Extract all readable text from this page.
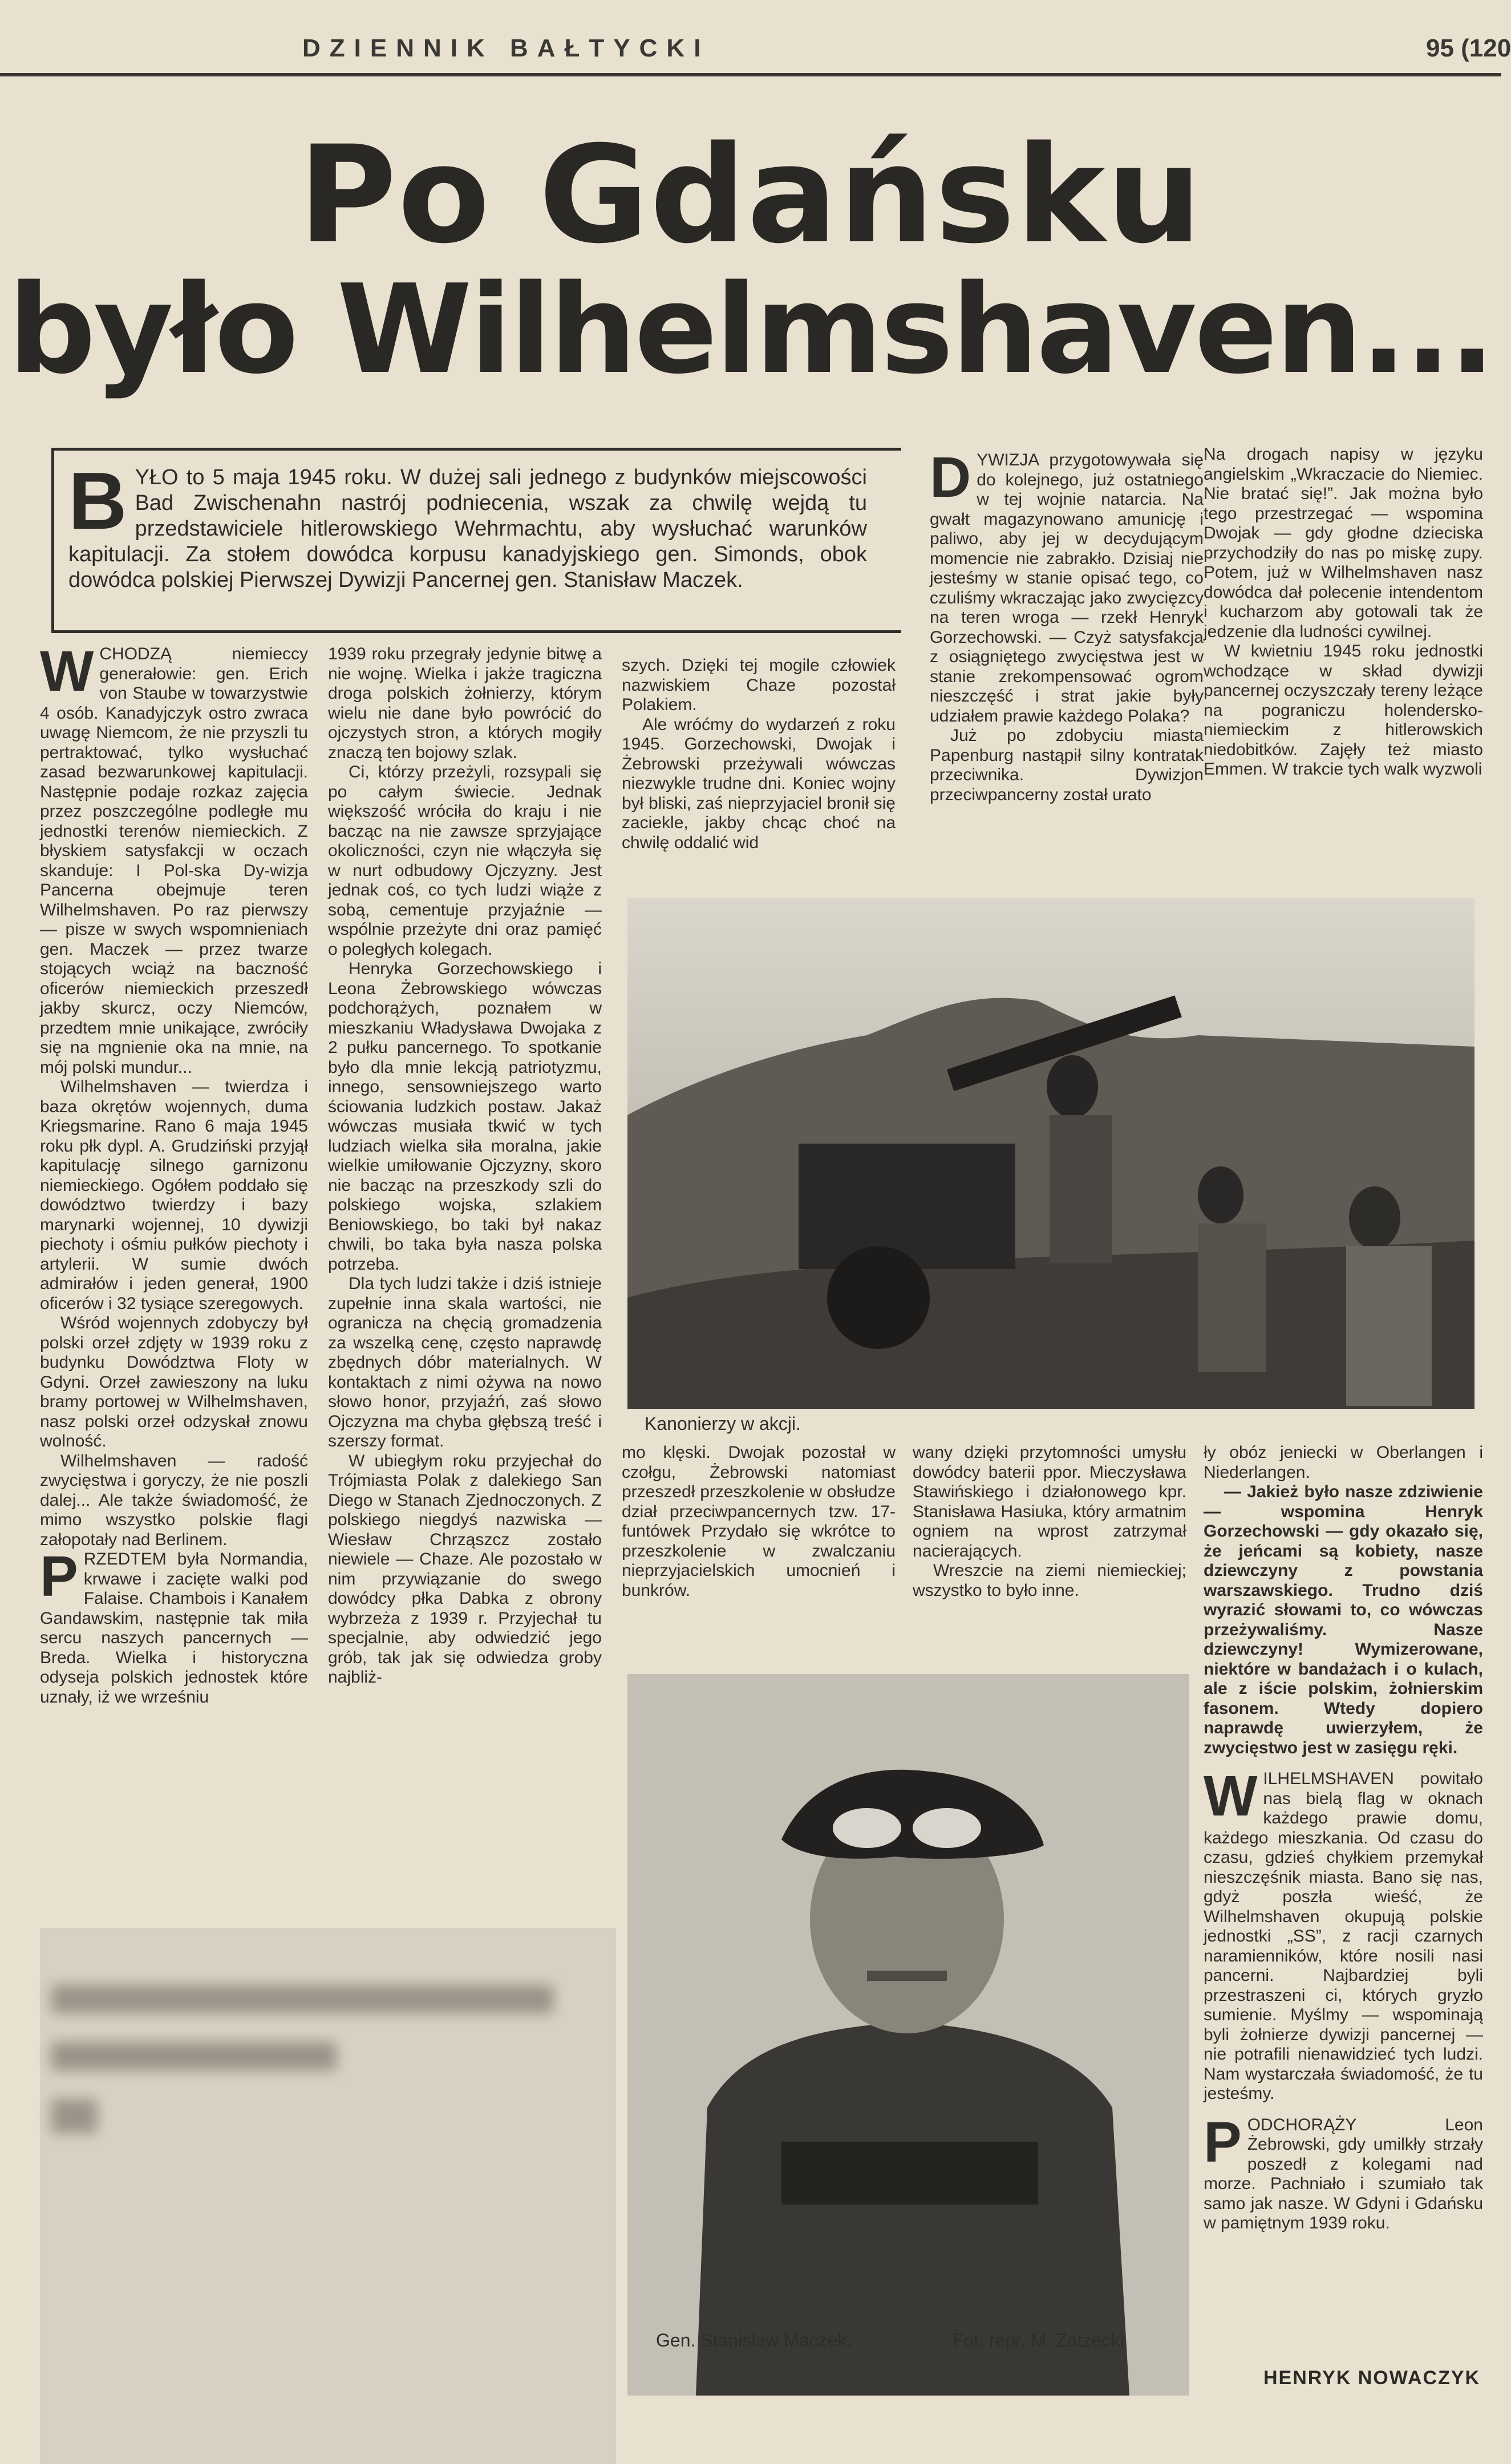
DZIENNIK BAŁTYCKI	95 (120
Po Gdańsku
było Wilhelmshaven...
BYŁO to 5 maja 1945 roku. W dużej sali jednego z budynków miejscowości Bad Zwischenahn nastrój podniecenia, wszak za chwilę wejdą tu przedstawiciele hitlerowskiego Wehrmachtu, aby wysłuchać warunków kapitulacji. Za stołem dowódca korpusu kanadyjskiego gen. Simonds, obok dowódca polskiej Pierwszej Dywizji Pancernej gen. Stanisław Maczek.

WCHODZĄ niemieccy generałowie: gen. Erich von Staube w towarzystwie 4 osób. Kanadyjczyk ostro zwraca uwagę Niemcom, że nie przyszli tu pertraktować, tylko wysłuchać zasad bezwarunkowej kapitulacji. Następnie podaje rozkaz zajęcia przez poszczególne podległe mu jednostki terenów niemieckich. Z błyskiem satysfakcji w oczach skanduje: I Pol-ska Dy-wizja Pancerna obejmuje teren Wilhelmshaven. Po raz pierwszy — pisze w swych wspomnieniach gen. Maczek — przez twarze stojących wciąż na baczność oficerów niemieckich przeszedł jakby skurcz, oczy Niemców, przedtem mnie unikające, zwróciły się na mgnienie oka na mnie, na mój polski mundur...

Wilhelmshaven — twierdza i baza okrętów wojennych, duma Kriegsmarine. Rano 6 maja 1945 roku płk dypl. A. Grudziński przyjął kapitulację silnego garnizonu niemieckiego. Ogółem poddało się dowództwo twierdzy i bazy marynarki wojennej, 10 dywizji piechoty i ośmiu pułków piechoty i artylerii. W sumie dwóch admirałów i jeden generał, 1900 oficerów i 32 tysiące szeregowych.

Wśród wojennych zdobyczy był polski orzeł zdjęty w 1939 roku z budynku Dowództwa Floty w Gdyni. Orzeł zawieszony na luku bramy portowej w Wilhelmshaven, nasz polski orzeł odzyskał znowu wolność.

Wilhelmshaven — radość zwycięstwa i goryczy, że nie poszli dalej... Ale także świadomość, że mimo wszystko polskie flagi załopotały nad Berlinem.

PRZEDTEM była Normandia, krwawe i zacięte walki pod Falaise. Chambois i Kanałem Gandawskim, następnie tak miła sercu naszych pancernych — Breda. Wielka i historyczna odyseja polskich jednostek które uznały, iż we wrześniu

1939 roku przegrały jedynie bitwę a nie wojnę. Wielka i jakże tragiczna droga polskich żołnierzy, którym wielu nie dane było powrócić do ojczystych stron, a których mogiły znaczą ten bojowy szlak.

Ci, którzy przeżyli, rozsypali się po całym świecie. Jednak większość wróciła do kraju i nie bacząc na nie zawsze sprzyjające okoliczności, czyn nie włączyła się w nurt odbudowy Ojczyzny. Jest jednak coś, co tych ludzi wiąże z sobą, cementuje przyjaźnie — wspólnie przeżyte dni oraz pamięć o poległych kolegach.

Henryka Gorzechowskiego i Leona Żebrowskiego wówczas podchorążych, poznałem w mieszkaniu Władysława Dwojaka z 2 pułku pancernego. To spotkanie było dla mnie lekcją patriotyzmu, innego, sensowniejszego warto ściowania ludzkich postaw. Jakaż wówczas musiała tkwić w tych ludziach wielka siła moralna, jakie wielkie umiłowanie Ojczyzny, skoro nie bacząc na przeszkody szli do polskiego wojska, szlakiem Beniowskiego, bo taki był nakaz chwili, bo taka była nasza polska potrzeba.

Dla tych ludzi także i dziś istnieje zupełnie inna skala wartości, nie ogranicza na chęcią gromadzenia za wszelką cenę, często naprawdę zbędnych dóbr materialnych. W kontaktach z nimi ożywa na nowo słowo honor, przyjaźń, zaś słowo Ojczyzna ma chyba głębszą treść i szerszy format.

W ubiegłym roku przyjechał do Trójmiasta Polak z dalekiego San Diego w Stanach Zjednoczonych. Z polskiego niegdyś nazwiska — Wiesław Chrząszcz zostało niewiele — Chaze. Ale pozostało w nim przywiązanie do swego dowódcy płka Dabka z obrony wybrzeża z 1939 r. Przyjechał tu specjalnie, aby odwiedzić jego grób, tak jak się odwiedza groby najbliż-

szych. Dzięki tej mogile człowiek nazwiskiem Chaze pozostał Polakiem.

Ale wróćmy do wydarzeń z roku 1945. Gorzechowski, Dwojak i Żebrowski przeżywali wówczas niezwykle trudne dni. Koniec wojny był bliski, zaś nieprzyjaciel bronił się zaciekle, jakby chcąc choć na chwilę oddalić wid

DYWIZJA przygotowywała się do kolejnego, już ostatniego w tej wojnie natarcia. Na gwałt magazynowano amunicję i paliwo, aby jej w decydującym momencie nie zabrakło. Dzisiaj nie jesteśmy w stanie opisać tego, co czuliśmy wkraczając jako zwycięzcy na teren wroga — rzekł Henryk Gorzechowski. — Czyż satysfakcja z osiągniętego zwycięstwa jest w stanie zrekompensować ogrom nieszczęść i strat jakie były udziałem prawie każdego Polaka?

Już po zdobyciu miasta Papenburg nastąpił silny kontratak przeciwnika. Dywizjon przeciwpancerny został urato

Na drogach napisy w języku angielskim „Wkraczacie do Niemiec. Nie bratać się!”. Jak można było tego przestrzegać — wspomina Dwojak — gdy głodne dzieciska przychodziły do nas po miskę zupy. Potem, już w Wilhelmshaven nasz dowódca dał polecenie intendentom i kucharzom aby gotowali tak że jedzenie dla ludności cywilnej.

W kwietniu 1945 roku jednostki wchodzące w skład dywizji pancernej oczyszczały tereny leżące na pograniczu holendersko-niemieckim z hitlerowskich niedobitków. Zajęły też miasto Emmen. W trakcie tych walk wyzwoli

Kanonierzy w akcji.

mo klęski. Dwojak pozostał w czołgu, Żebrowski natomiast przeszedł przeszkolenie w obsłudze dział przeciwpancernych tzw. 17-funtówek Przydało się wkrótce to przeszkolenie w zwalczaniu nieprzyjacielskich umocnień i bunkrów.

wany dzięki przytomności umysłu dowódcy baterii ppor. Mieczysława Stawińskiego i działonowego kpr. Stanisława Hasiuka, który armatnim ogniem na wprost zatrzymał nacierających.

Wreszcie na ziemi niemieckiej; wszystko to było inne.

ły obóz jeniecki w Oberlangen i Niederlangen.

— Jakież było nasze zdziwienie — wspomina Henryk Gorzechowski — gdy okazało się, że jeńcami są kobiety, nasze dziewczyny z powstania warszawskiego. Trudno dziś wyrazić słowami to, co wówczas przeżywaliśmy. Nasze dziewczyny! Wymizerowane, niektóre w bandażach i o kulach, ale z iście polskim, żołnierskim fasonem. Wtedy dopiero naprawdę uwierzyłem, że zwycięstwo jest w zasięgu ręki.

WILHELMSHAVEN powitało nas bielą flag w oknach każdego prawie domu, każdego mieszkania. Od czasu do czasu, gdzieś chyłkiem przemykał nieszczęśnik miasta. Bano się nas, gdyż poszła wieść, że Wilhelmshaven okupują polskie jednostki „SS”, z racji czarnych naramienników, które nosili nasi pancerni. Najbardziej byli przestraszeni ci, których gryzło sumienie. Myślmy — wspominają byli żołnierze dywizji pancernej — nie potrafili nienawidzieć tych ludzi. Nam wystarczała świadomość, że tu jesteśmy.

PODCHORĄŻY Leon Żebrowski, gdy umilkły strzały poszedł z kolegami nad morze. Pachniało i szumiało tak samo jak nasze. W Gdyni i Gdańsku w pamiętnym 1939 roku.

Gen. Stanisław Maczek.	Fot. repr. M. Zatzecki
HENRYK NOWACZYK
